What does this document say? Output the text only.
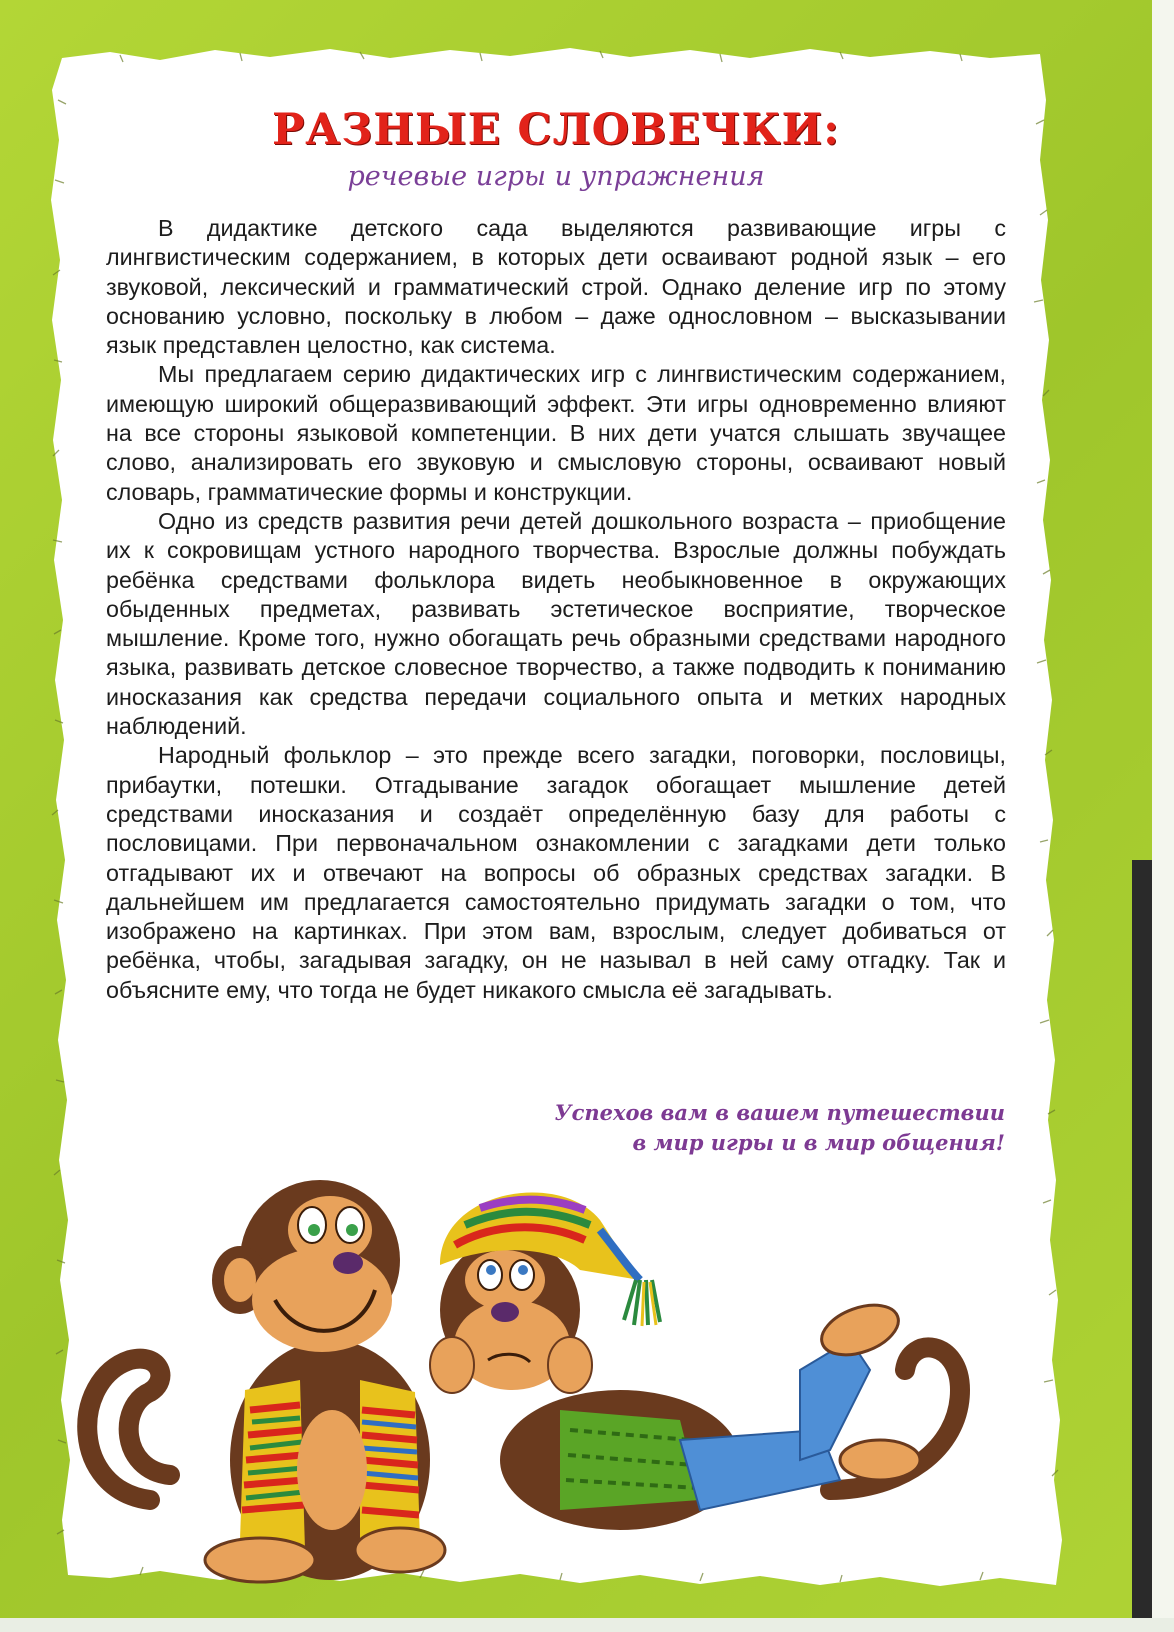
РАЗНЫЕ СЛОВЕЧКИ:
речевые игры и упражнения

В дидактике детского сада выделяются развивающие игры с лингвистическим содержанием, в которых дети осваивают родной язык – его звуковой, лексический и грамматический строй. Однако деление игр по этому основанию условно, поскольку в любом – даже однословном – высказывании язык представлен целостно, как система.

Мы предлагаем серию дидактических игр с лингвистическим содержанием, имеющую широкий общеразвивающий эффект. Эти игры одновременно влияют на все стороны языковой компетенции. В них дети учатся слышать звучащее слово, анализировать его звуковую и смысловую стороны, осваивают новый словарь, грамматические формы и конструкции.

Одно из средств развития речи детей дошкольного возраста – приобщение их к сокровищам устного народного творчества. Взрослые должны побуждать ребёнка средствами фольклора видеть необыкновенное в окружающих обыденных предметах, развивать эстетическое восприятие, творческое мышление. Кроме того, нужно обогащать речь образными средствами народного языка, развивать детское словесное творчество, а также подводить к пониманию иносказания как средства передачи социального опыта и метких народных наблюдений.

Народный фольклор – это прежде всего загадки, поговорки, пословицы, прибаутки, потешки. Отгадывание загадок обогащает мышление детей средствами иносказания и создаёт определённую базу для работы с пословицами. При первоначальном ознакомлении с загадками дети только отгадывают их и отвечают на вопросы об образных средствах загадки. В дальнейшем им предлагается самостоятельно придумать загадки о том, что изображено на картинках. При этом вам, взрослым, следует добиваться от ребёнка, чтобы, загадывая загадку, он не называл в ней саму отгадку. Так и объясните ему, что тогда не будет никакого смысла её загадывать.

Успехов вам в вашем путешествии
в мир игры и в мир общения!
